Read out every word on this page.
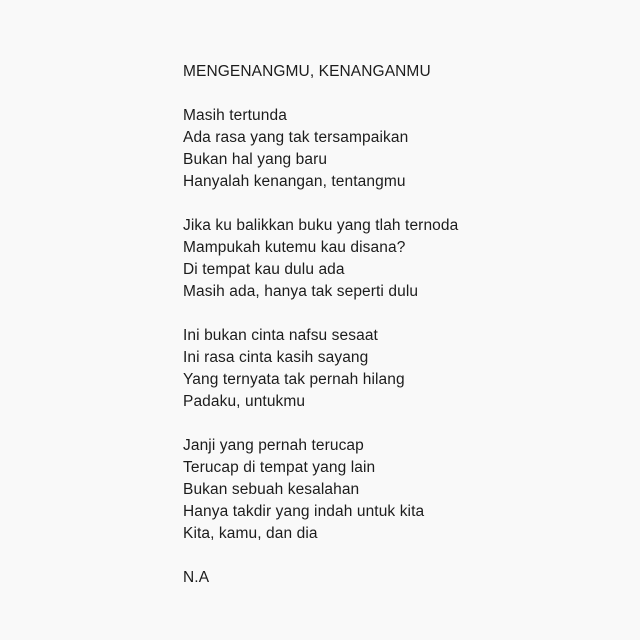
MENGENANGMU, KENANGANMU
Masih tertunda
Ada rasa yang tak tersampaikan
Bukan hal yang baru
Hanyalah kenangan, tentangmu
Jika ku balikkan buku yang tlah ternoda
Mampukah kutemu kau disana?
Di tempat kau dulu ada
Masih ada, hanya tak seperti dulu
Ini bukan cinta nafsu sesaat
Ini rasa cinta kasih sayang
Yang ternyata tak pernah hilang
Padaku, untukmu
Janji yang pernah terucap
Terucap di tempat yang lain
Bukan sebuah kesalahan
Hanya takdir yang indah untuk kita
Kita, kamu, dan dia
N.A
